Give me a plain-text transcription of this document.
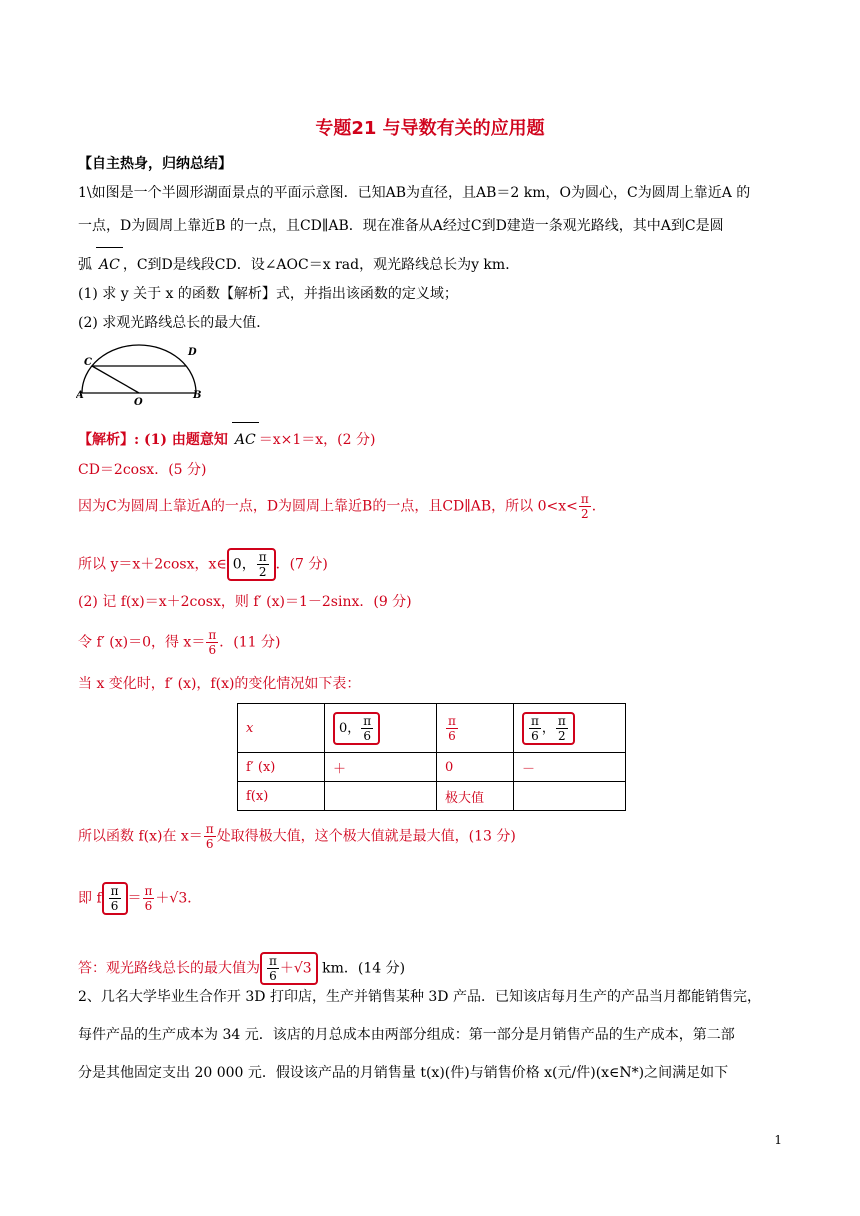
专题21 与导数有关的应用题
【自主热身，归纳总结】
1\如图是一个半圆形湖面景点的平面示意图．已知AB为直径，且AB＝2 km，O为圆心，C为圆周上靠近A 的
一点，D为圆周上靠近B 的一点，且CD∥AB．现在准备从A经过C到D建造一条观光路线，其中A到C是圆
弧 AC ，C到D是线段CD．设∠AOC＝x rad，观光路线总长为y km．
(1) 求 y 关于 x 的函数【解析】式，并指出该函数的定义域；
(2) 求观光路线总长的最大值．
C
D
A
O
B
【解析】: (1) 由题意知 AC ＝x×1＝x，(2 分)
CD＝2cosx．(5 分)
因为C为圆周上靠近A的一点，D为圆周上靠近B的一点，且CD∥AB，所以 $0<x< \frac{\pi}{2}$ ．
所以 y＝x＋2cosx，x∈ 0， $\frac{\pi}{2}$ ．(7 分)
(2) 记 f(x)＝x＋2cosx，则 f′ (x)＝1－2sinx．(9 分)
令 f′ (x)＝0，得 $x= \frac{\pi}{6}$ ．(11 分)
当 x 变化时，f′ (x)，f(x)的变化情况如下表：
x	0， $\frac{\pi}{6}$	$\frac{\pi}{6}$	$\frac{\pi}{6}$ ， $\frac{\pi}{2}$

f′ (x)	＋	0	－
f(x)		极大值	
所以函数 f(x)在 $x= \frac{\pi}{6}$ 处取得极大值，这个极大值就是最大值，(13 分)
即 f $\frac{\pi}{6} = \frac{\pi}{6} +√3$．
答：观光路线总长的最大值为 $\frac{\pi}{6} +√3$ km．(14 分)
2、几名大学毕业生合作开 3D 打印店，生产并销售某种 3D 产品．已知该店每月生产的产品当月都能销售完，
每件产品的生产成本为 34 元．该店的月总成本由两部分组成：第一部分是月销售产品的生产成本，第二部
分是其他固定支出 20 000 元．假设该产品的月销售量 t(x)(件)与销售价格 x(元/件)(x∈N*)之间满足如下
1
